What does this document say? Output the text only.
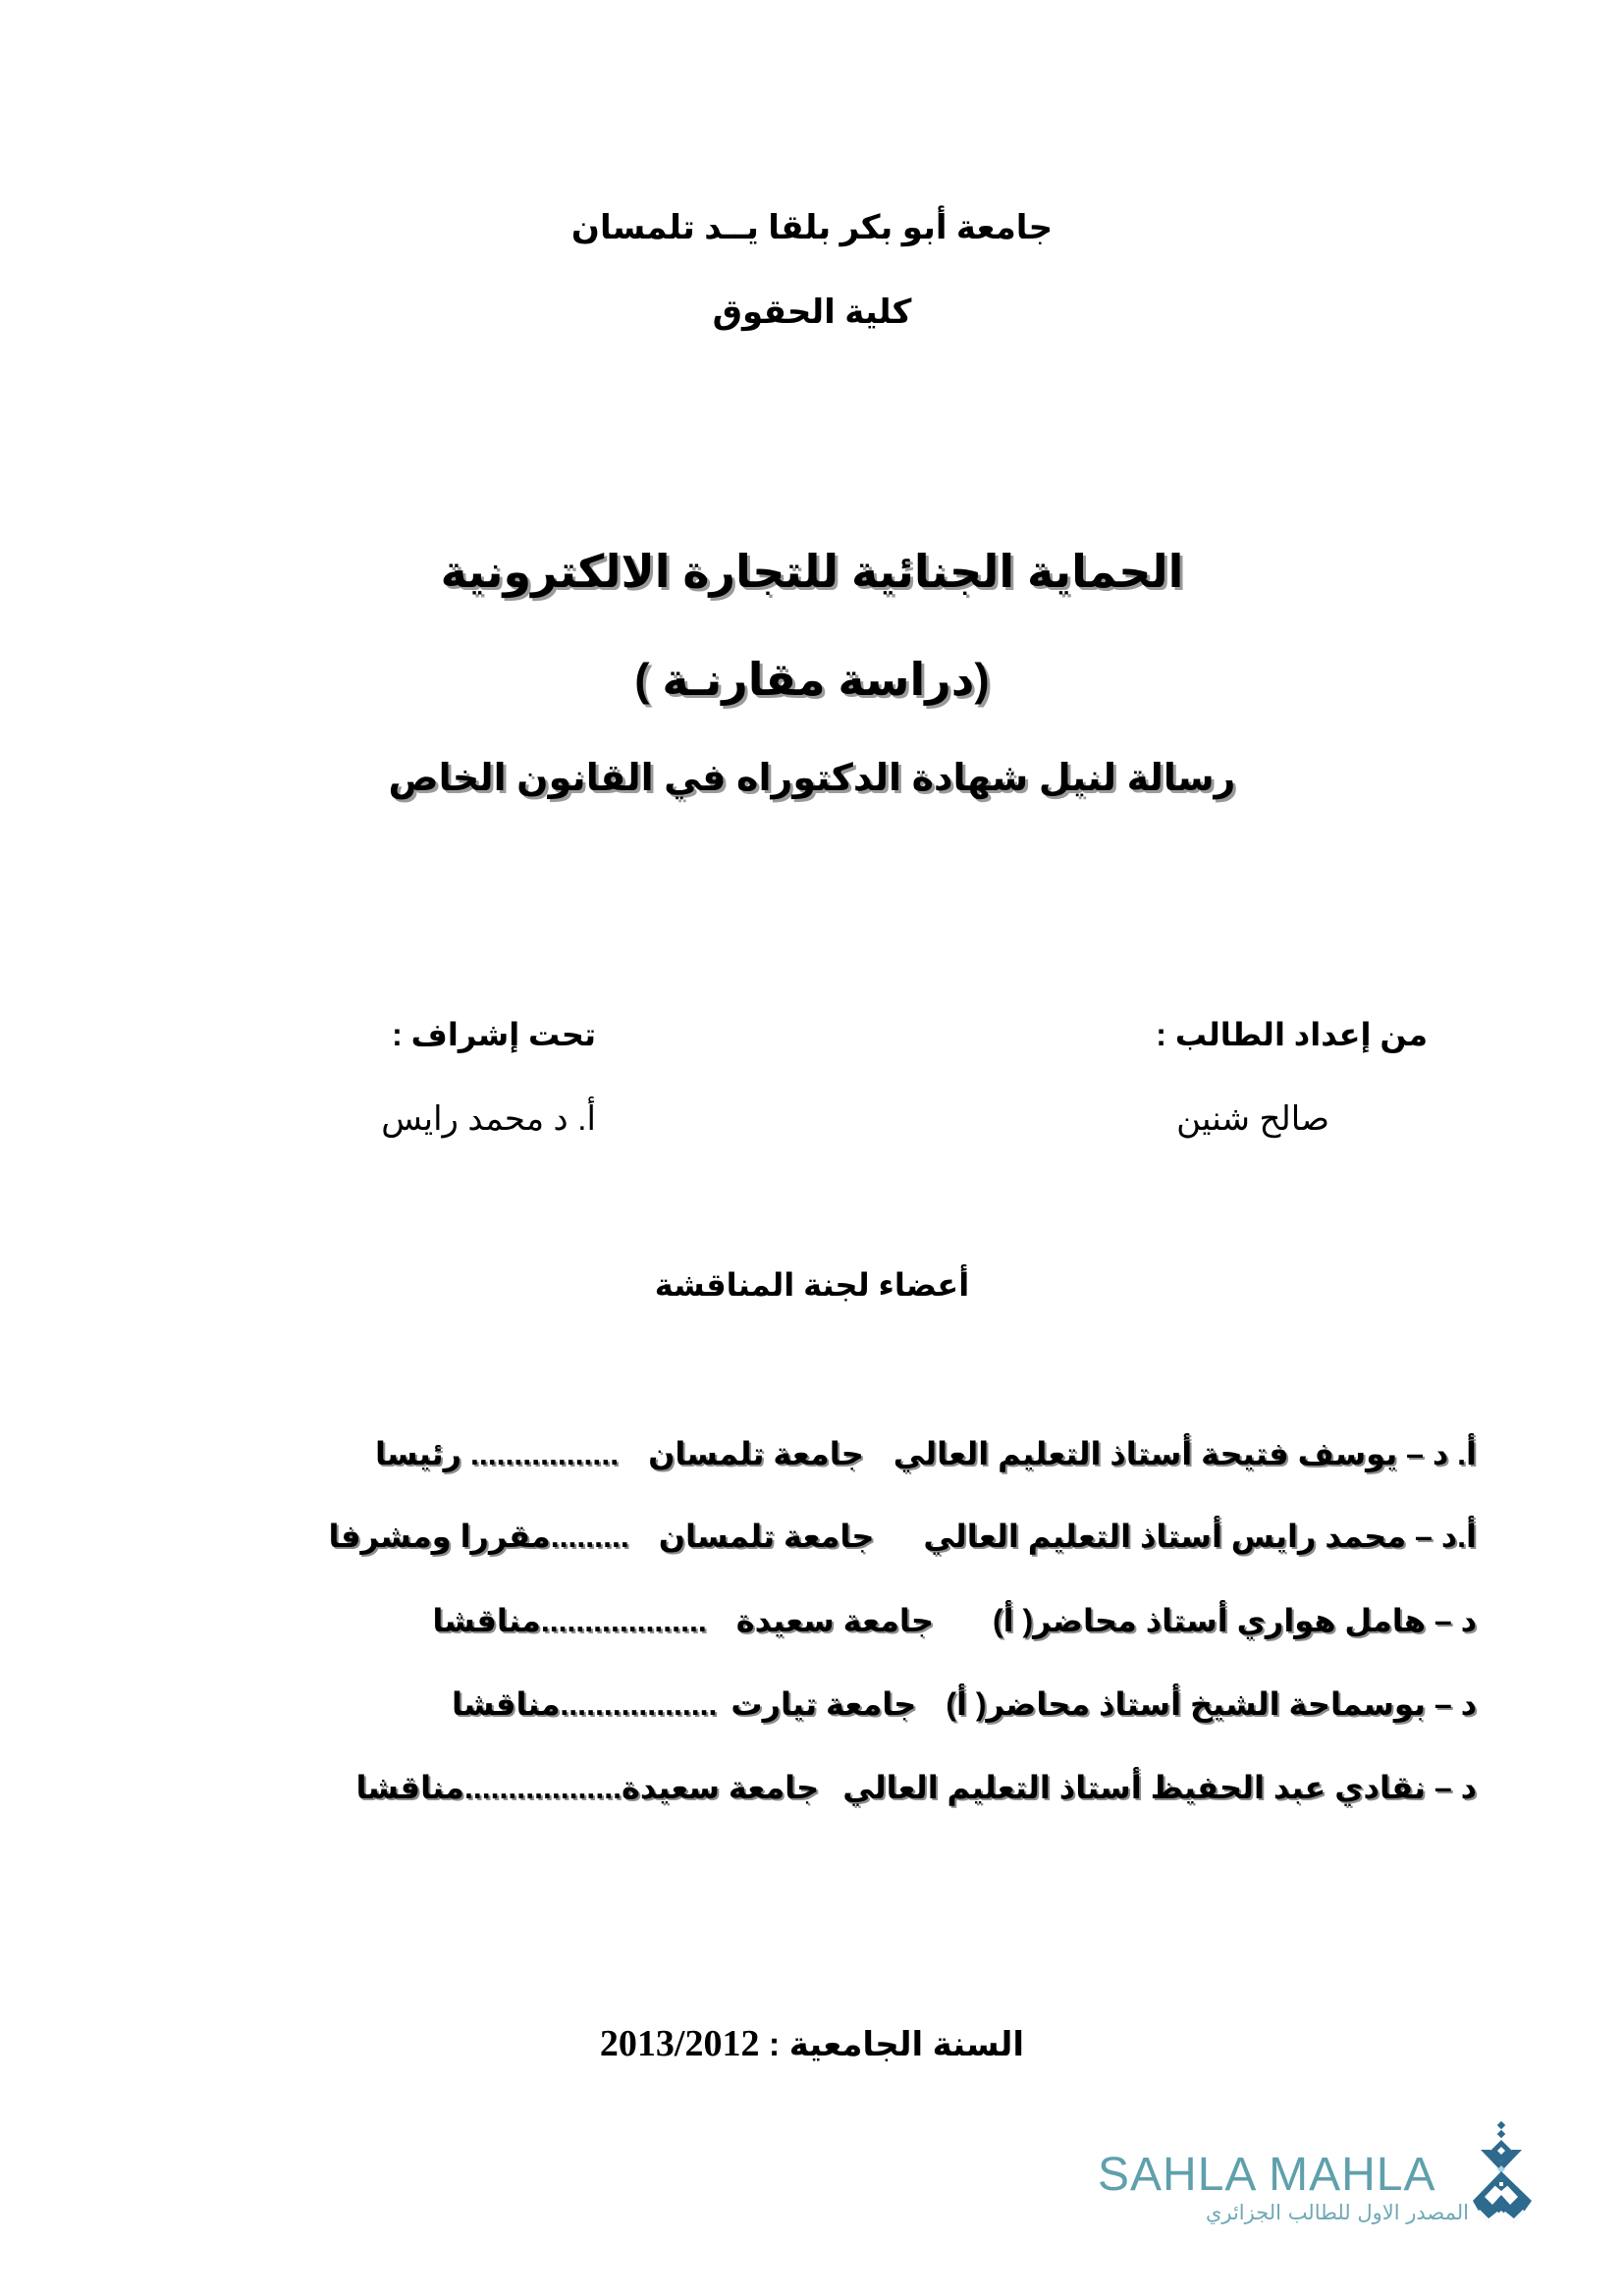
جامعة أبو بكر بلقا يــد تلمسان
كلية الحقوق
الحماية الجنائية للتجارة الالكترونية
(دراسة مقارنـة )
رسالة لنيل شهادة الدكتوراه في القانون الخاص
من إعداد الطالب :
صالح شنين
تحت إشراف :
أ. د محمد رايس
أعضاء لجنة المناقشة
أ. د – يوسف فتيحة أستاذ التعليم العاليجامعة تلمسان................. رئيسا
أ.د – محمد رايس أستاذ التعليم العاليجامعة تلمسان.........مقررا ومشرفا
د – هامل هواري أستاذ محاضر( أ)جامعة سعيدة...................مناقشا
د – بوسماحة الشيخ أستاذ محاضر( أ)جامعة تيارت..................مناقشا
د – نقادي عبد الحفيظ أستاذ التعليم العاليجامعة سعيدة..................مناقشا
السنة الجامعية : 2013/2012
SAHLA MAHLA
المصدر الاول للطالب الجزائري
